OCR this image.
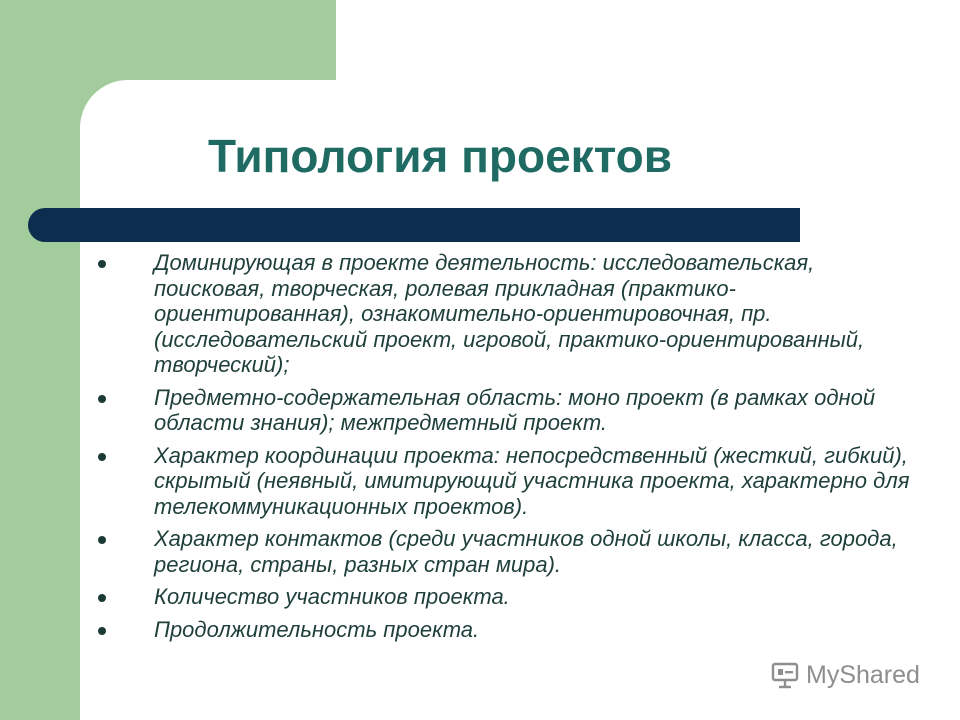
Типология проектов
Доминирующая в проекте деятельность: исследовательская, поисковая, творческая, ролевая прикладная (практико-ориентированная), ознакомительно-ориентировочная, пр. (исследовательский проект, игровой, практико-ориентированный, творческий);
Предметно-содержательная область: моно проект (в рамках одной области знания); межпредметный проект.
Характер координации проекта: непосредственный (жесткий, гибкий), скрытый (неявный, имитирующий участника проекта, характерно для телекоммуникационных проектов).
Характер контактов (среди участников одной школы, класса, города, региона, страны, разных стран мира).
Количество участников проекта.
Продолжительность проекта.
MyShared
